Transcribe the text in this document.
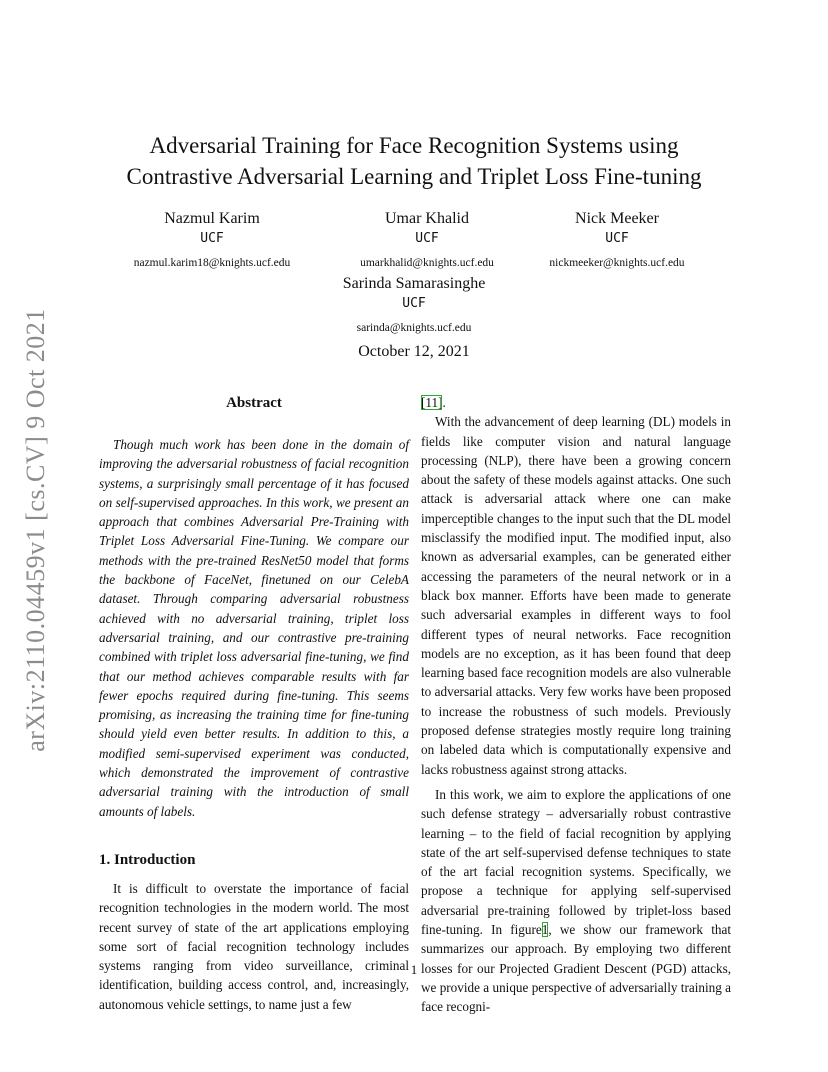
arXiv:2110.04459v1 [cs.CV] 9 Oct 2021
Adversarial Training for Face Recognition Systems using
Contrastive Adversarial Learning and Triplet Loss Fine-tuning
Nazmul Karim
UCF
nazmul.karim18@knights.ucf.edu
Umar Khalid
UCF
umarkhalid@knights.ucf.edu
Nick Meeker
UCF
nickmeeker@knights.ucf.edu
Sarinda Samarasinghe
UCF
sarinda@knights.ucf.edu
October 12, 2021
Abstract

Though much work has been done in the domain of improving the adversarial robustness of facial recognition systems, a surprisingly small percentage of it has focused on self-supervised approaches. In this work, we present an approach that combines Adversarial Pre-Training with Triplet Loss Adversarial Fine-Tuning. We compare our methods with the pre-trained ResNet50 model that forms the backbone of FaceNet, finetuned on our CelebA dataset. Through comparing adversarial robustness achieved with no adversarial training, triplet loss adversarial training, and our contrastive pre-training combined with triplet loss adversarial fine-tuning, we find that our method achieves comparable results with far fewer epochs required during fine-tuning. This seems promising, as increasing the training time for fine-tuning should yield even better results. In addition to this, a modified semi-supervised experiment was conducted, which demonstrated the improvement of contrastive adversarial training with the introduction of small amounts of labels.

1. Introduction

It is difficult to overstate the importance of facial recognition technologies in the modern world. The most recent survey of state of the art applications employing some sort of facial recognition technology includes systems ranging from video surveillance, criminal identification, building access control, and, increasingly, autonomous vehicle settings, to name just a few

[11].

With the advancement of deep learning (DL) models in fields like computer vision and natural language processing (NLP), there have been a growing concern about the safety of these models against attacks. One such attack is adversarial attack where one can make imperceptible changes to the input such that the DL model misclassify the modified input. The modified input, also known as adversarial examples, can be generated either accessing the parameters of the neural network or in a black box manner. Efforts have been made to generate such adversarial examples in different ways to fool different types of neural networks. Face recognition models are no exception, as it has been found that deep learning based face recognition models are also vulnerable to adversarial attacks. Very few works have been proposed to increase the robustness of such models. Previously proposed defense strategies mostly require long training on labeled data which is computationally expensive and lacks robustness against strong attacks.

In this work, we aim to explore the applications of one such defense strategy – adversarially robust contrastive learning – to the field of facial recognition by applying state of the art self-supervised defense techniques to state of the art facial recognition systems. Specifically, we propose a technique for applying self-supervised adversarial pre-training followed by triplet-loss based fine-tuning. In figure1, we show our framework that summarizes our approach. By employing two different losses for our Projected Gradient Descent (PGD) attacks, we provide a unique perspective of adversarially training a face recogni-

1
